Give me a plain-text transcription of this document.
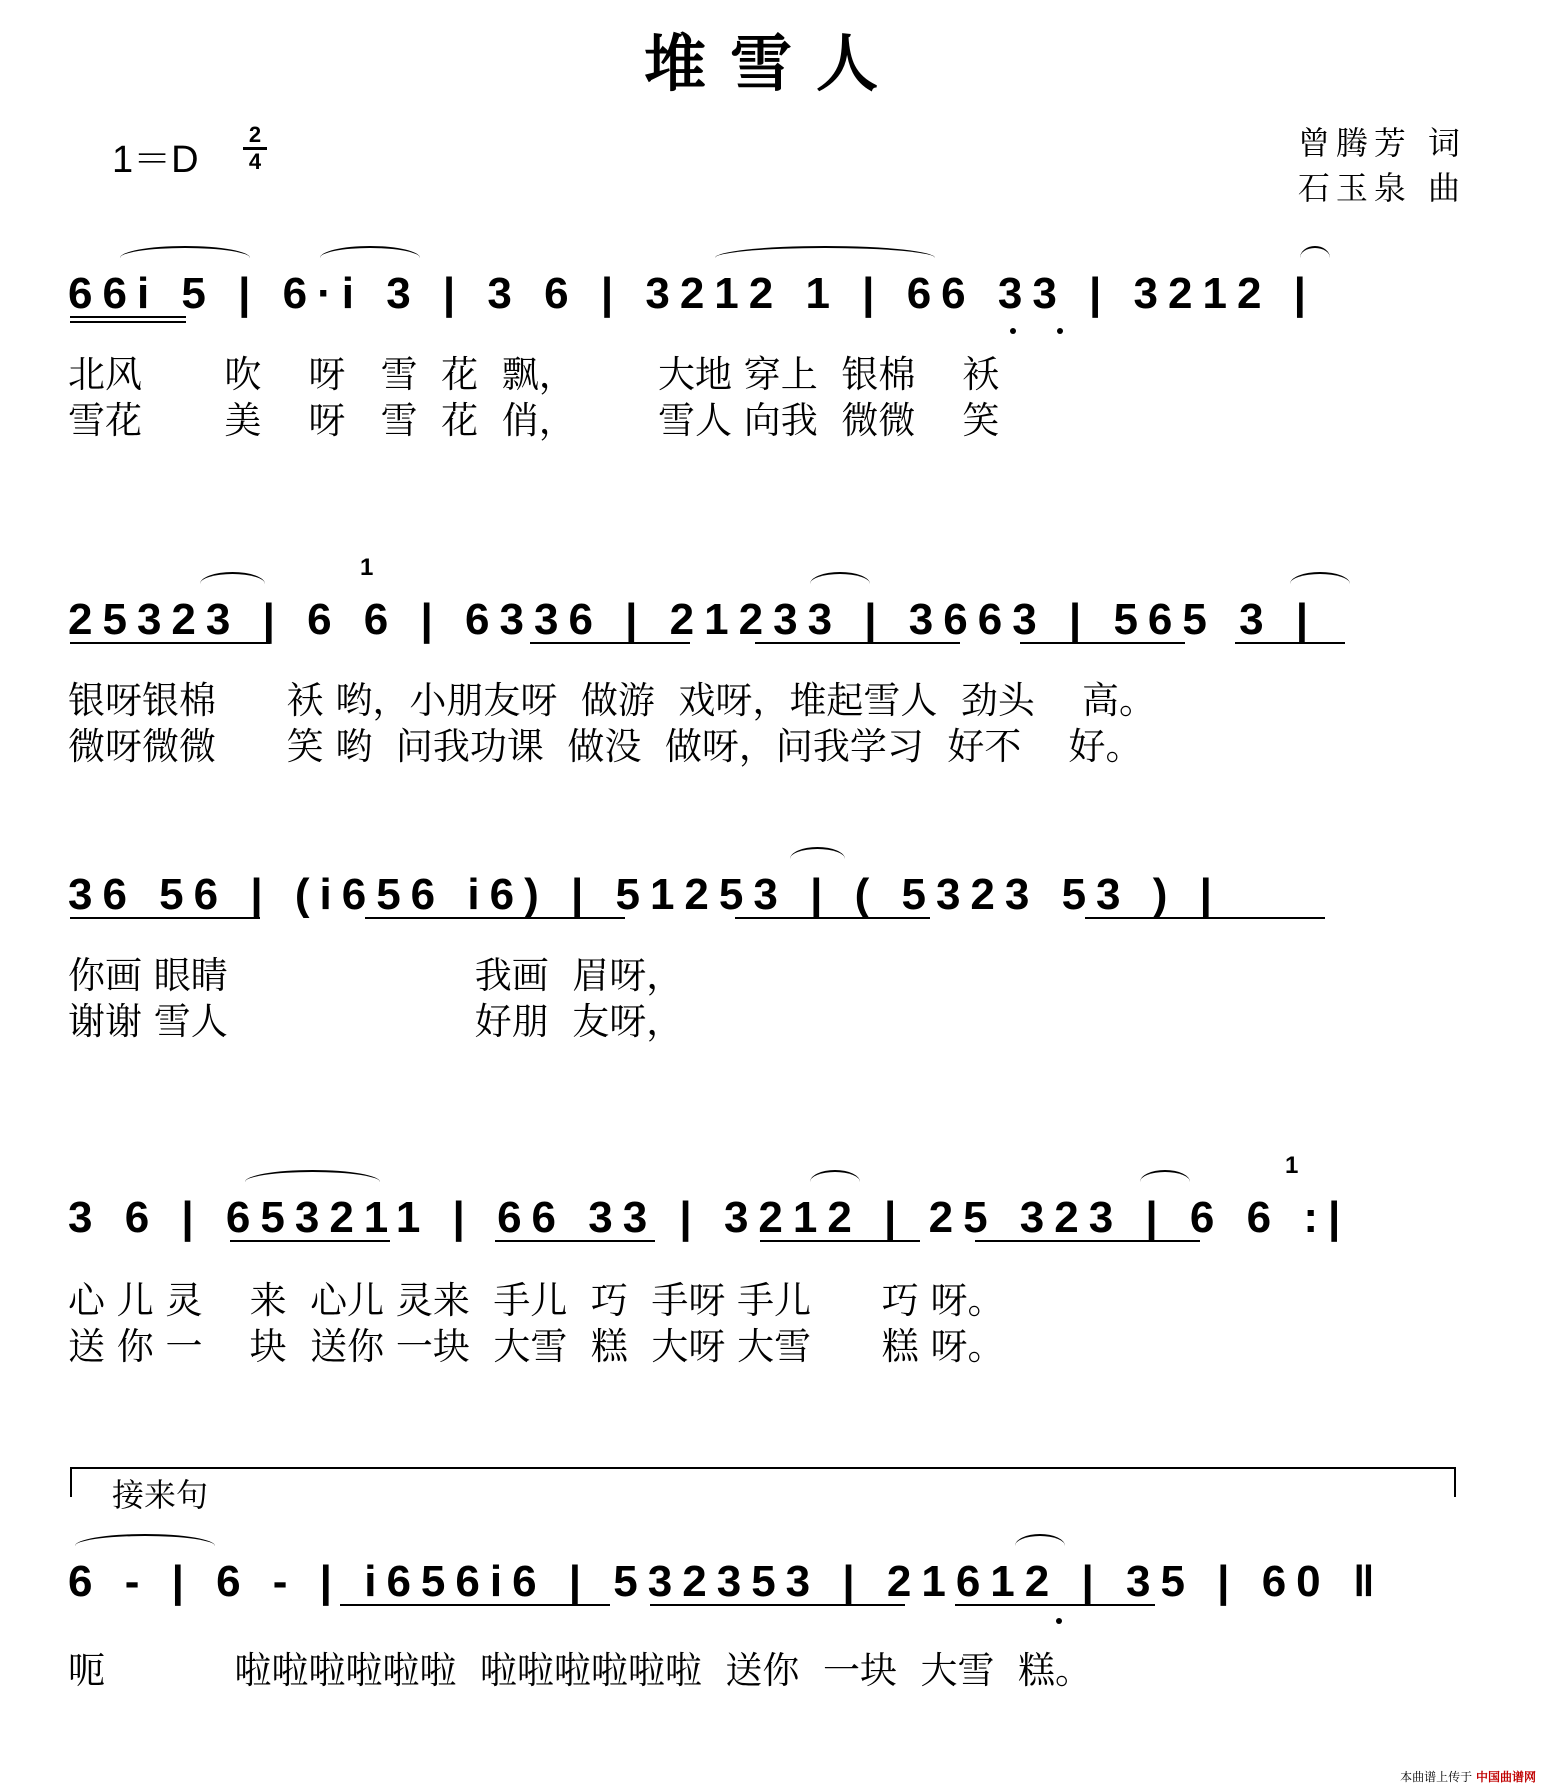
堆雪人
1＝D
2
4	曾腾芳 词
石玉泉 曲
66i 5 | 6·i 3 | 3 6 | 3212 1 | 66 33 | 3212 |
北风       吹    呀   雪  花  飘，       大地 穿上  银棉    袄
雪花       美    呀   雪  花  俏，       雪人 向我  微微    笑
1
25323 | 6 6 | 6336 | 21233 | 3663 | 565 3 |
银呀银棉      袄 哟，小朋友呀  做游  戏呀，堆起雪人  劲头    高。
微呀微微      笑 哟  问我功课  做没  做呀，问我学习  好不    好。
36 56 | (i656 i6) | 51253 | ( 5323 53 ) |
你画 眼睛                     我画  眉呀，
谢谢 雪人                     好朋  友呀，
1
3 6 | 653211 | 66 33 | 3212 | 25 323 | 6 6 :|
心 儿 灵    来  心儿 灵来  手儿  巧  手呀 手儿      巧 呀。
送 你 一    块  送你 一块  大雪  糕  大呀 大雪      糕 呀。
接来句
6 - | 6 - | i656i6 | 532353 | 21612 | 35 | 60 ‖
呃           啦啦啦啦啦啦  啦啦啦啦啦啦  送你  一块  大雪  糕。
本曲谱上传于 中国曲谱网
